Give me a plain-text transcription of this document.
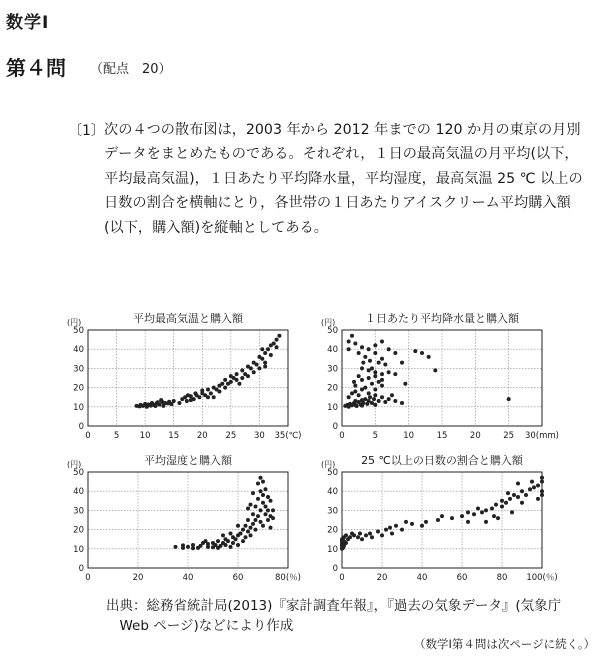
数学Ⅰ
第４問 （配点　20）
〔1〕 次の４つの散布図は，2003 年から 2012 年までの 120 か月の東京の月別
データをまとめたものである。それぞれ，１日の最高気温の月平均(以下，
平均最高気温)，１日あたり平均降水量，平均湿度，最高気温 25 ℃ 以上の
日数の割合を横軸にとり，各世帯の１日あたりアイスクリーム平均購入額
(以下，購入額)を縦軸としてある。
0
10
20
30
40
50
0	5 10 15 20 25 30 35(℃)
(円)	平均最高気温と購入額
0
10
20
30
40
50
0	5	10	15	20	25 30(mm)
(円)	１日あたり平均降水量と購入額
0
10
20
30
40
50
0	20	40	60	80(％)
(円)	平均湿度と購入額
0
10
20
30
40
50
0	20	40	60	80 100(％)
(円) 25 ℃以上の日数の割合と購入額
出典：総務省統計局(2013)『家計調査年報』，『過去の気象データ』(気象庁
　Web ページ)などにより作成
（数学Ⅰ第４問は次ページに続く。）
